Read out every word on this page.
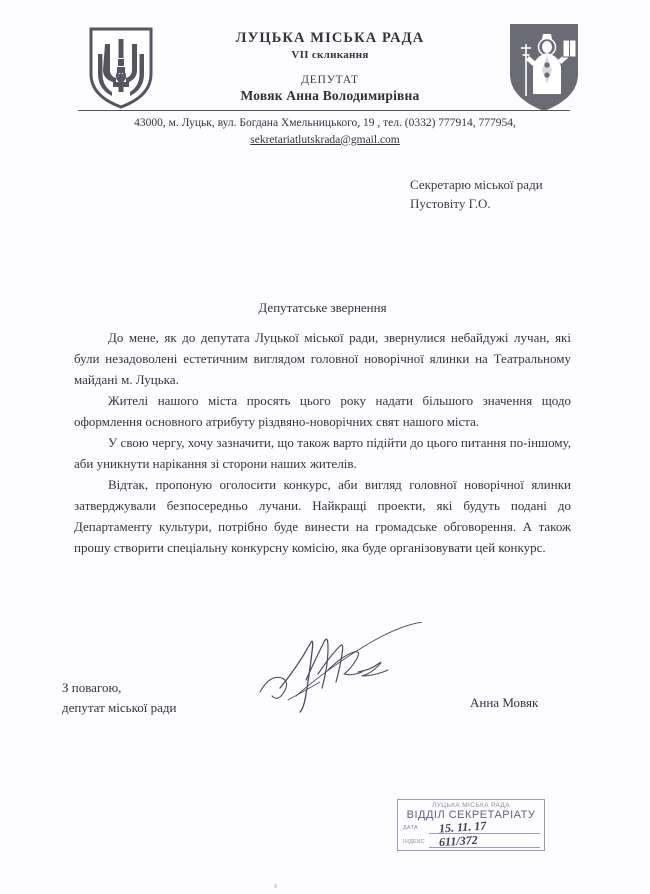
ЛУЦЬКА МІСЬКА РАДА
VII скликання
ДЕПУТАТ
Мовяк Анна Володимирівна
43000, м. Луцьк, вул. Богдана Хмельницького, 19 , тел. (0332) 777914, 777954,
sekretariatlutskrada@gmail.com
Секретарю міської ради
Пустовіту Г.О.
Депутатське звернення

До мене, як до депутата Луцької міської ради, звернулися небайдужі лучан, які були незадоволені естетичним виглядом головної новорічної ялинки на Театральному майдані м. Луцька.

Жителі нашого міста просять цього року надати більшого значення щодо оформлення основного атрибуту різдвяно-новорічних свят нашого міста.

У свою чергу, хочу зазначити, що також варто підійти до цього питання по-іншому, аби уникнути нарікання зі сторони наших жителів.

Відтак, пропоную оголосити конкурс, аби вигляд головної новорічної ялинки затверджували безпосередньо лучани. Найкращі проекти, які будуть подані до Департаменту культури, потрібно буде винести на громадське обговорення. А також прошу створити спеціальну конкурсну комісію, яка буде організовувати цей конкурс.

З повагою,
депутат міської ради	Анна Мовяк
ЛУЦЬКА МІСЬКА РАДА
ВІДДІЛ СЕКРЕТАРІАТУ
ДАТА 15. 11. 17
ІНДЕКС 611/372
